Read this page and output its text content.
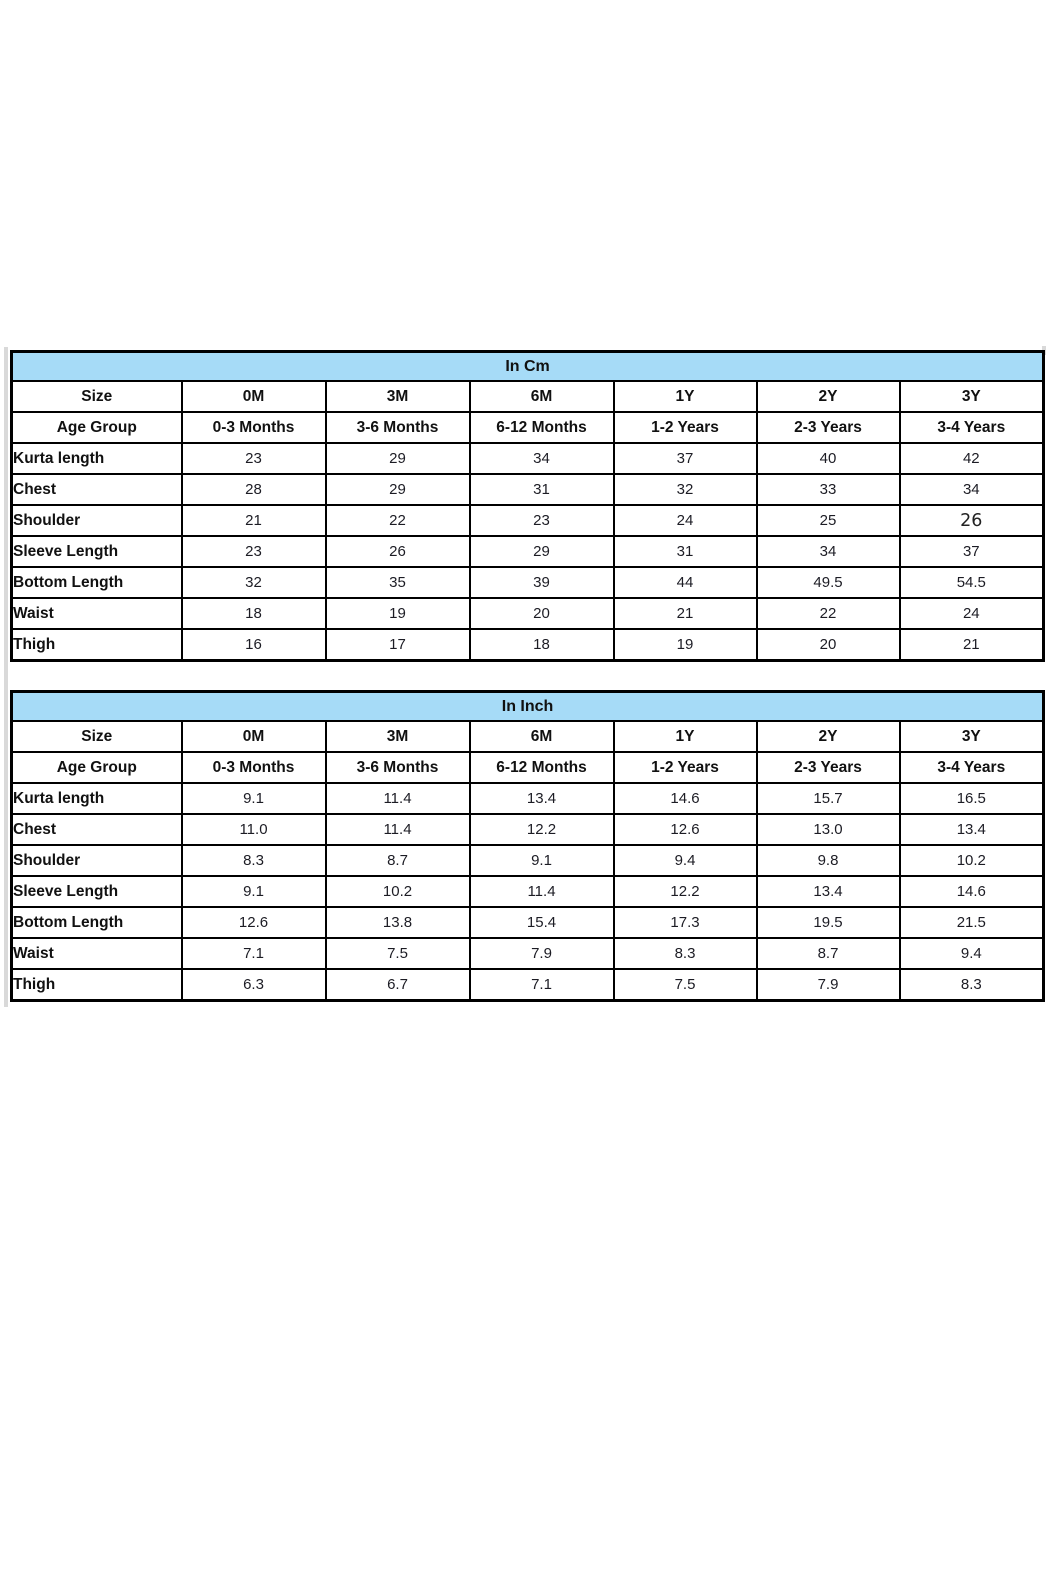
In Cm						
Size	0M	3M	6M	1Y	2Y	3Y
Age Group	0-3 Months	3-6 Months	6-12 Months	1-2 Years	2-3 Years	3-4 Years
Kurta length	23	29	34	37	40	42
Chest	28	29	31	32	33	34
Shoulder	21	22	23	24	25	26
Sleeve Length	23	26	29	31	34	37
Bottom Length	32	35	39	44	49.5	54.5
Waist	18	19	20	21	22	24
Thigh	16	17	18	19	20	21
In Inch						
Size	0M	3M	6M	1Y	2Y	3Y
Age Group	0-3 Months	3-6 Months	6-12 Months	1-2 Years	2-3 Years	3-4 Years
Kurta length	9.1	11.4	13.4	14.6	15.7	16.5
Chest	11.0	11.4	12.2	12.6	13.0	13.4
Shoulder	8.3	8.7	9.1	9.4	9.8	10.2
Sleeve Length	9.1	10.2	11.4	12.2	13.4	14.6
Bottom Length	12.6	13.8	15.4	17.3	19.5	21.5
Waist	7.1	7.5	7.9	8.3	8.7	9.4
Thigh	6.3	6.7	7.1	7.5	7.9	8.3
